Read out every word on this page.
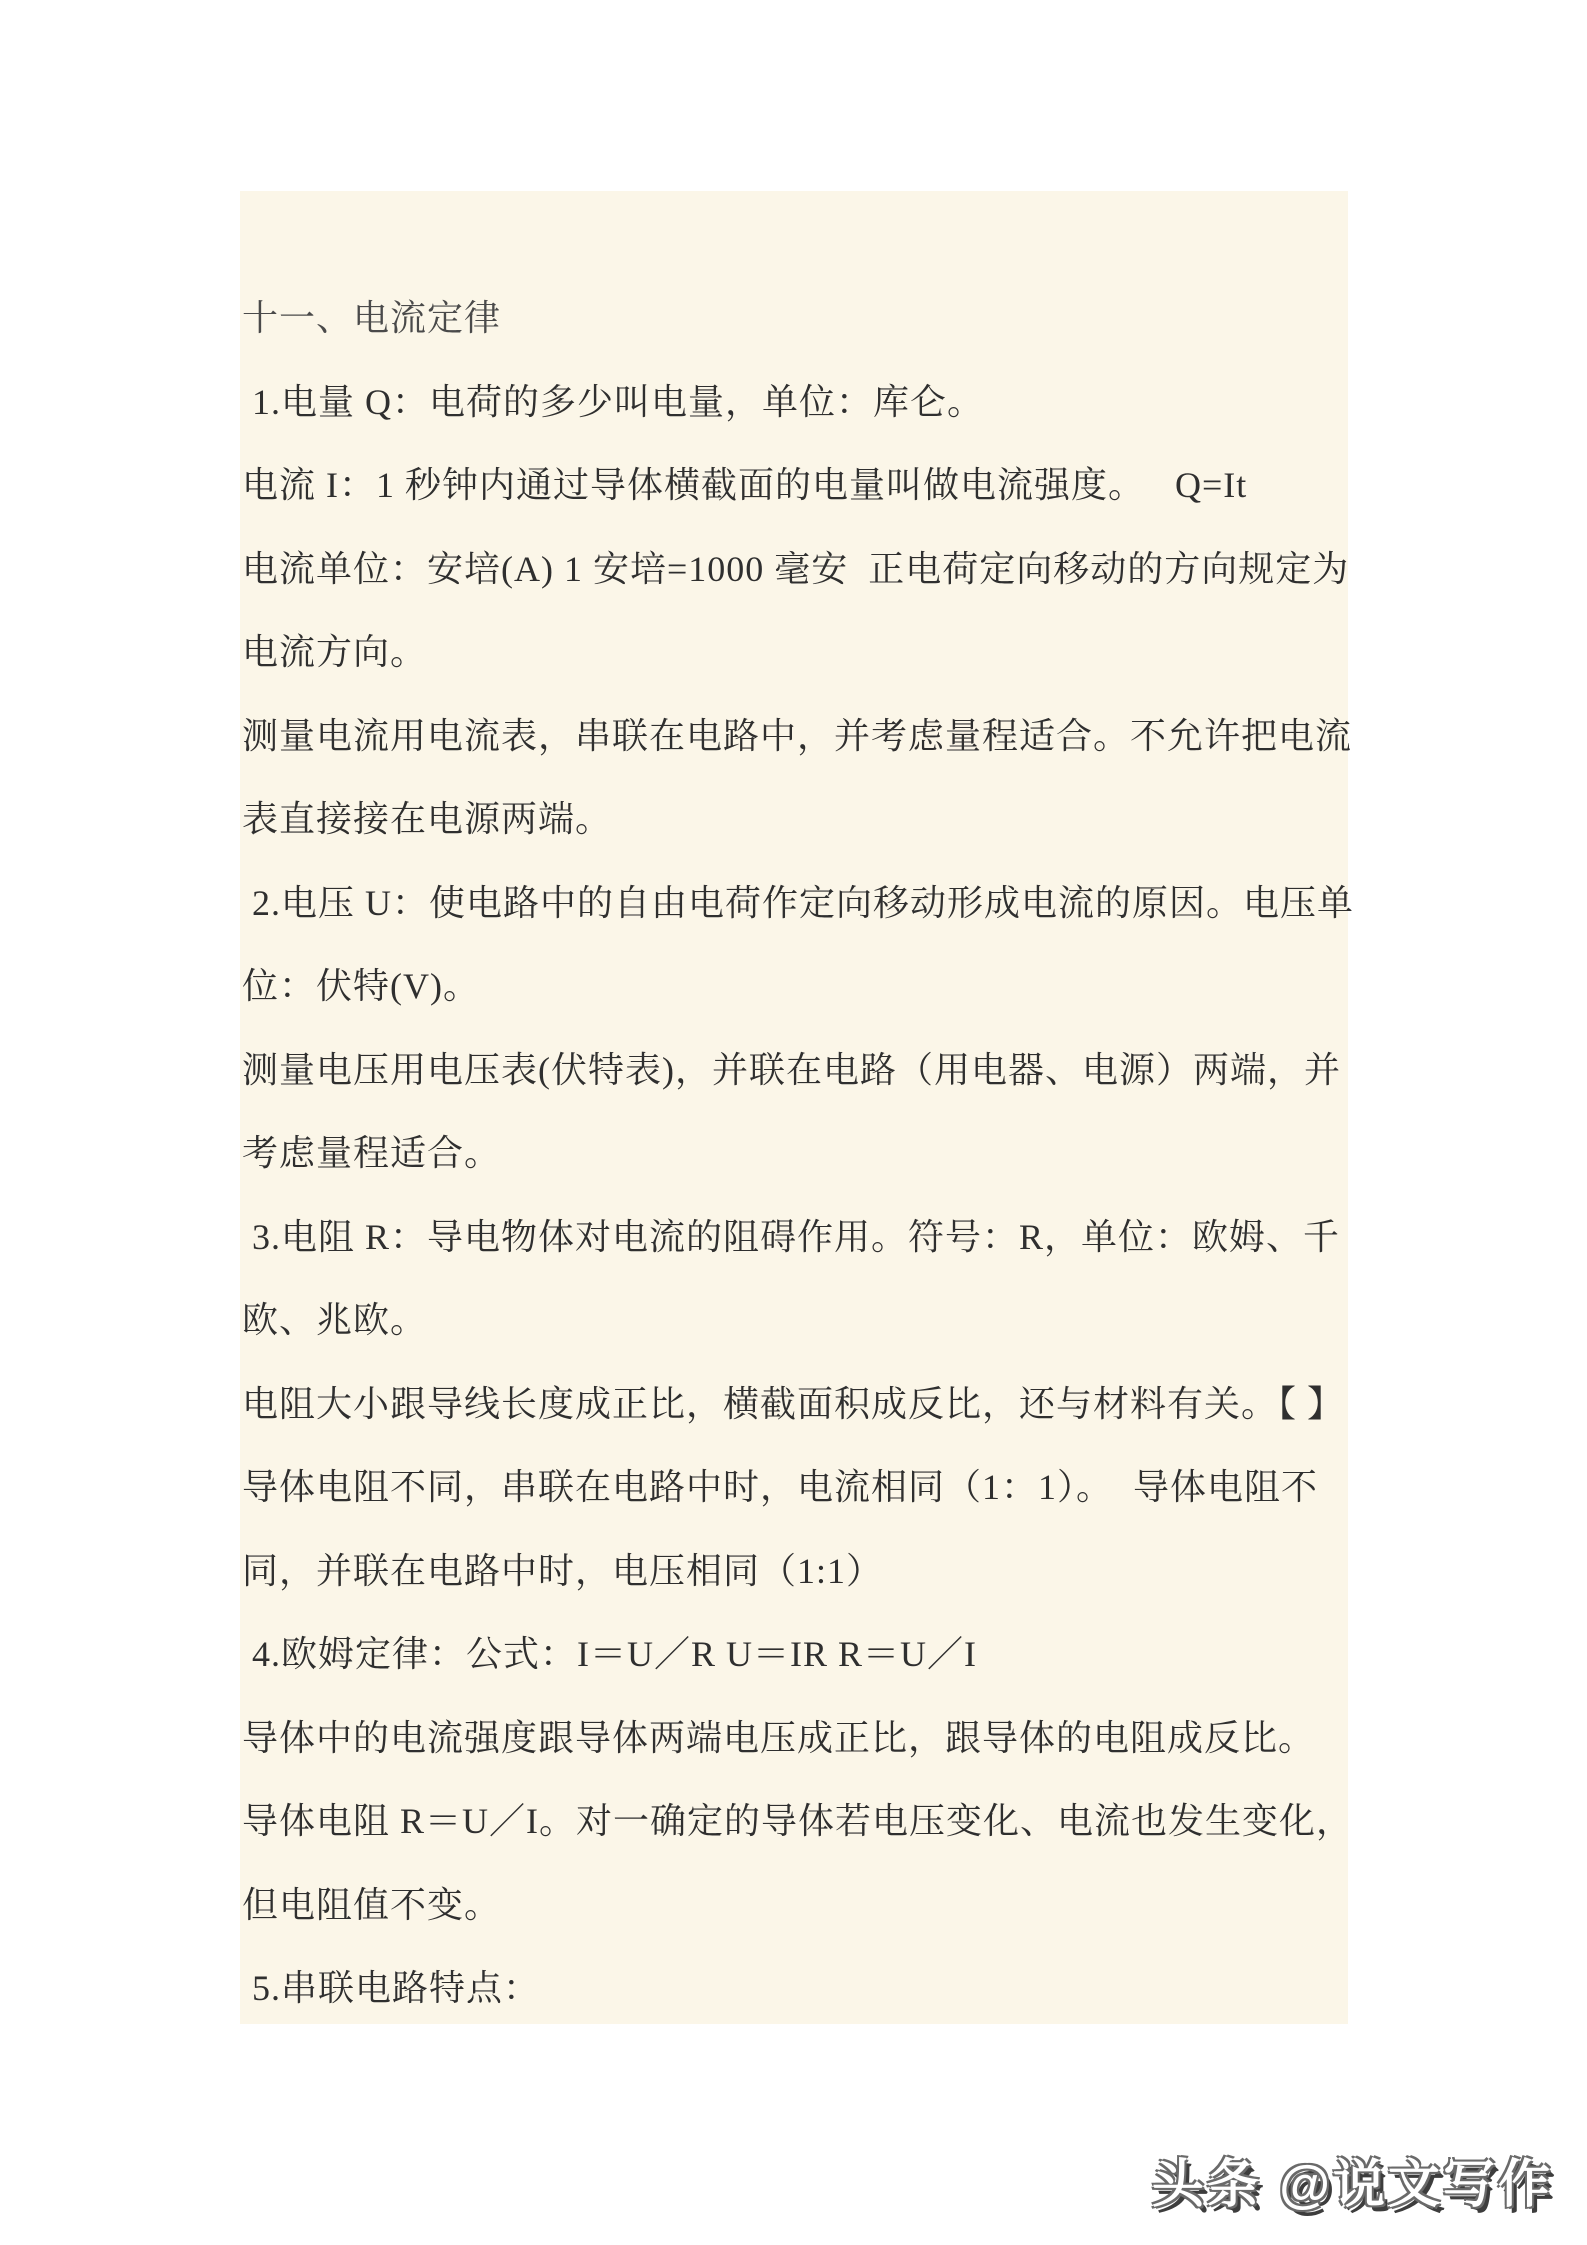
十一、电流定律
1.电量 Q：电荷的多少叫电量，单位：库仑。
电流 I：1 秒钟内通过导体横截面的电量叫做电流强度。   Q=It
电流单位：安培(A) 1 安培=1000 毫安  正电荷定向移动的方向规定为
电流方向。
测量电流用电流表，串联在电路中，并考虑量程适合。不允许把电流
表直接接在电源两端。
2.电压 U：使电路中的自由电荷作定向移动形成电流的原因。电压单
位：伏特(V)。
测量电压用电压表(伏特表)，并联在电路（用电器、电源）两端，并
考虑量程适合。
3.电阻 R：导电物体对电流的阻碍作用。符号：R，单位：欧姆、千
欧、兆欧。
电阻大小跟导线长度成正比，横截面积成反比，还与材料有关。【 】
导体电阻不同，串联在电路中时，电流相同（1：1）。  导体电阻不
同，并联在电路中时，电压相同（1:1）
4.欧姆定律：公式：I＝U／R U＝IR R＝U／I
导体中的电流强度跟导体两端电压成正比，跟导体的电阻成反比。
导体电阻 R＝U／I。对一确定的导体若电压变化、电流也发生变化，
但电阻值不变。
5.串联电路特点：
头条 @说文写作
